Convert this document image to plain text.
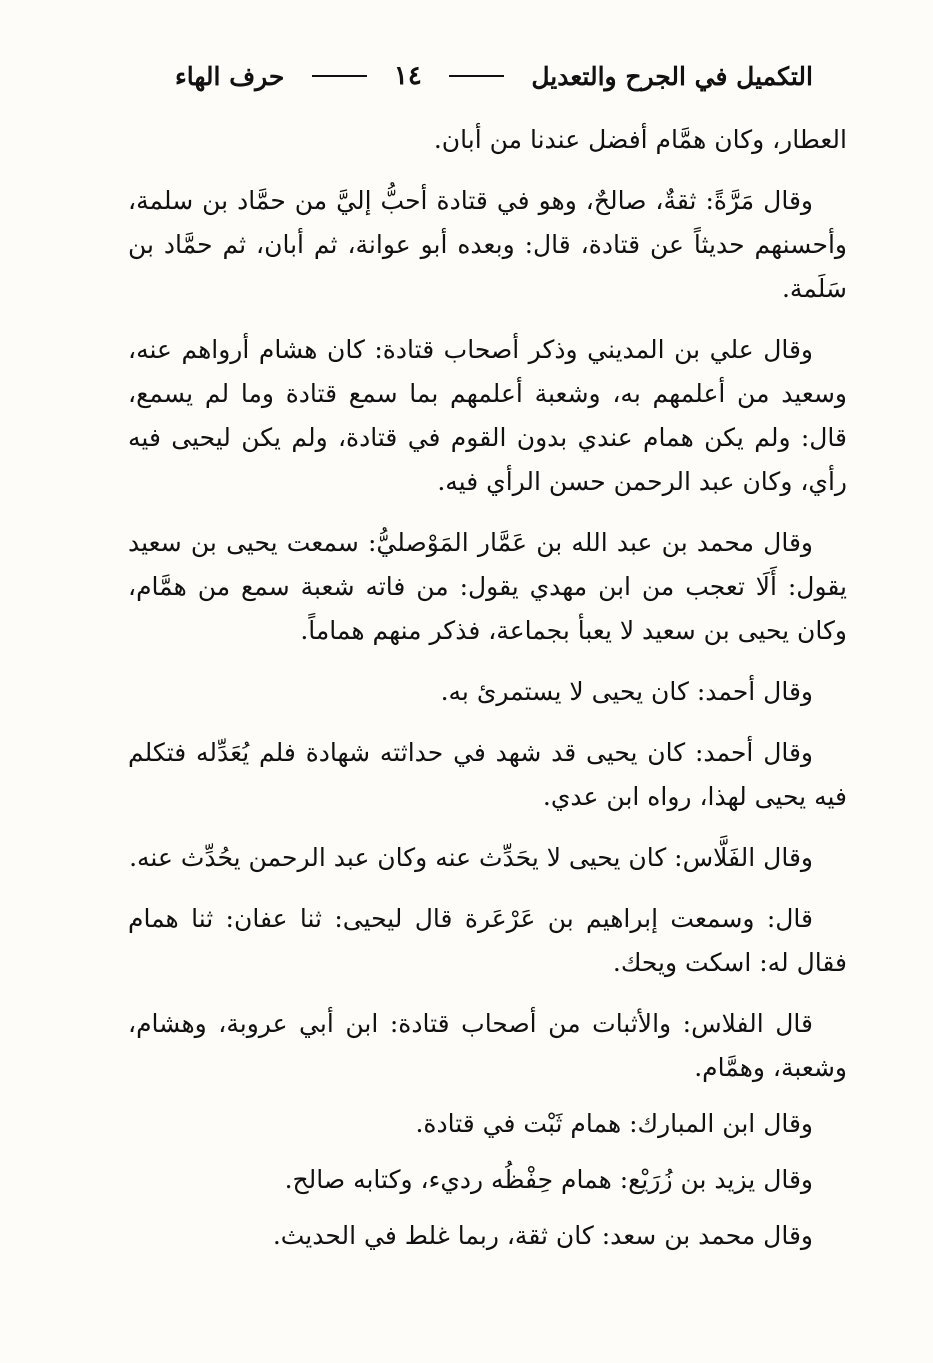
التكميل في الجرح والتعديل
١٤
حرف الهاء

العطار، وكان همَّام أفضل عندنا من أبان.

وقال مَرَّةً: ثقةٌ، صالحٌ، وهو في قتادة أحبُّ إليَّ من حمَّاد بن سلمة، وأحسنهم حديثاً عن قتادة، قال: وبعده أبو عوانة، ثم أبان، ثم حمَّاد بن سَلَمة.

وقال علي بن المديني وذكر أصحاب قتادة: كان هشام أرواهم عنه، وسعيد من أعلمهم به، وشعبة أعلمهم بما سمع قتادة وما لم يسمع، قال: ولم يكن همام عندي بدون القوم في قتادة، ولم يكن ليحيى فيه رأي، وكان عبد الرحمن حسن الرأي فيه.

وقال محمد بن عبد الله بن عَمَّار المَوْصليُّ: سمعت يحيى بن سعيد يقول: أَلَا تعجب من ابن مهدي يقول: من فاته شعبة سمع من همَّام، وكان يحيى بن سعيد لا يعبأ بجماعة، فذكر منهم هماماً.

وقال أحمد: كان يحيى لا يستمرئ به.

وقال أحمد: كان يحيى قد شهد في حداثته شهادة فلم يُعَدِّله فتكلم فيه يحيى لهذا، رواه ابن عدي.

وقال الفَلَّاس: كان يحيى لا يحَدِّث عنه وكان عبد الرحمن يحُدِّث عنه.

قال: وسمعت إبراهيم بن عَرْعَرة قال ليحيى: ثنا عفان: ثنا همام فقال له: اسكت ويحك.

قال الفلاس: والأثبات من أصحاب قتادة: ابن أبي عروبة، وهشام، وشعبة، وهمَّام.

وقال ابن المبارك: همام ثَبْت في قتادة.

وقال يزيد بن زُرَيْع: همام حِفْظُه رديء، وكتابه صالح.

وقال محمد بن سعد: كان ثقة، ربما غلط في الحديث.
